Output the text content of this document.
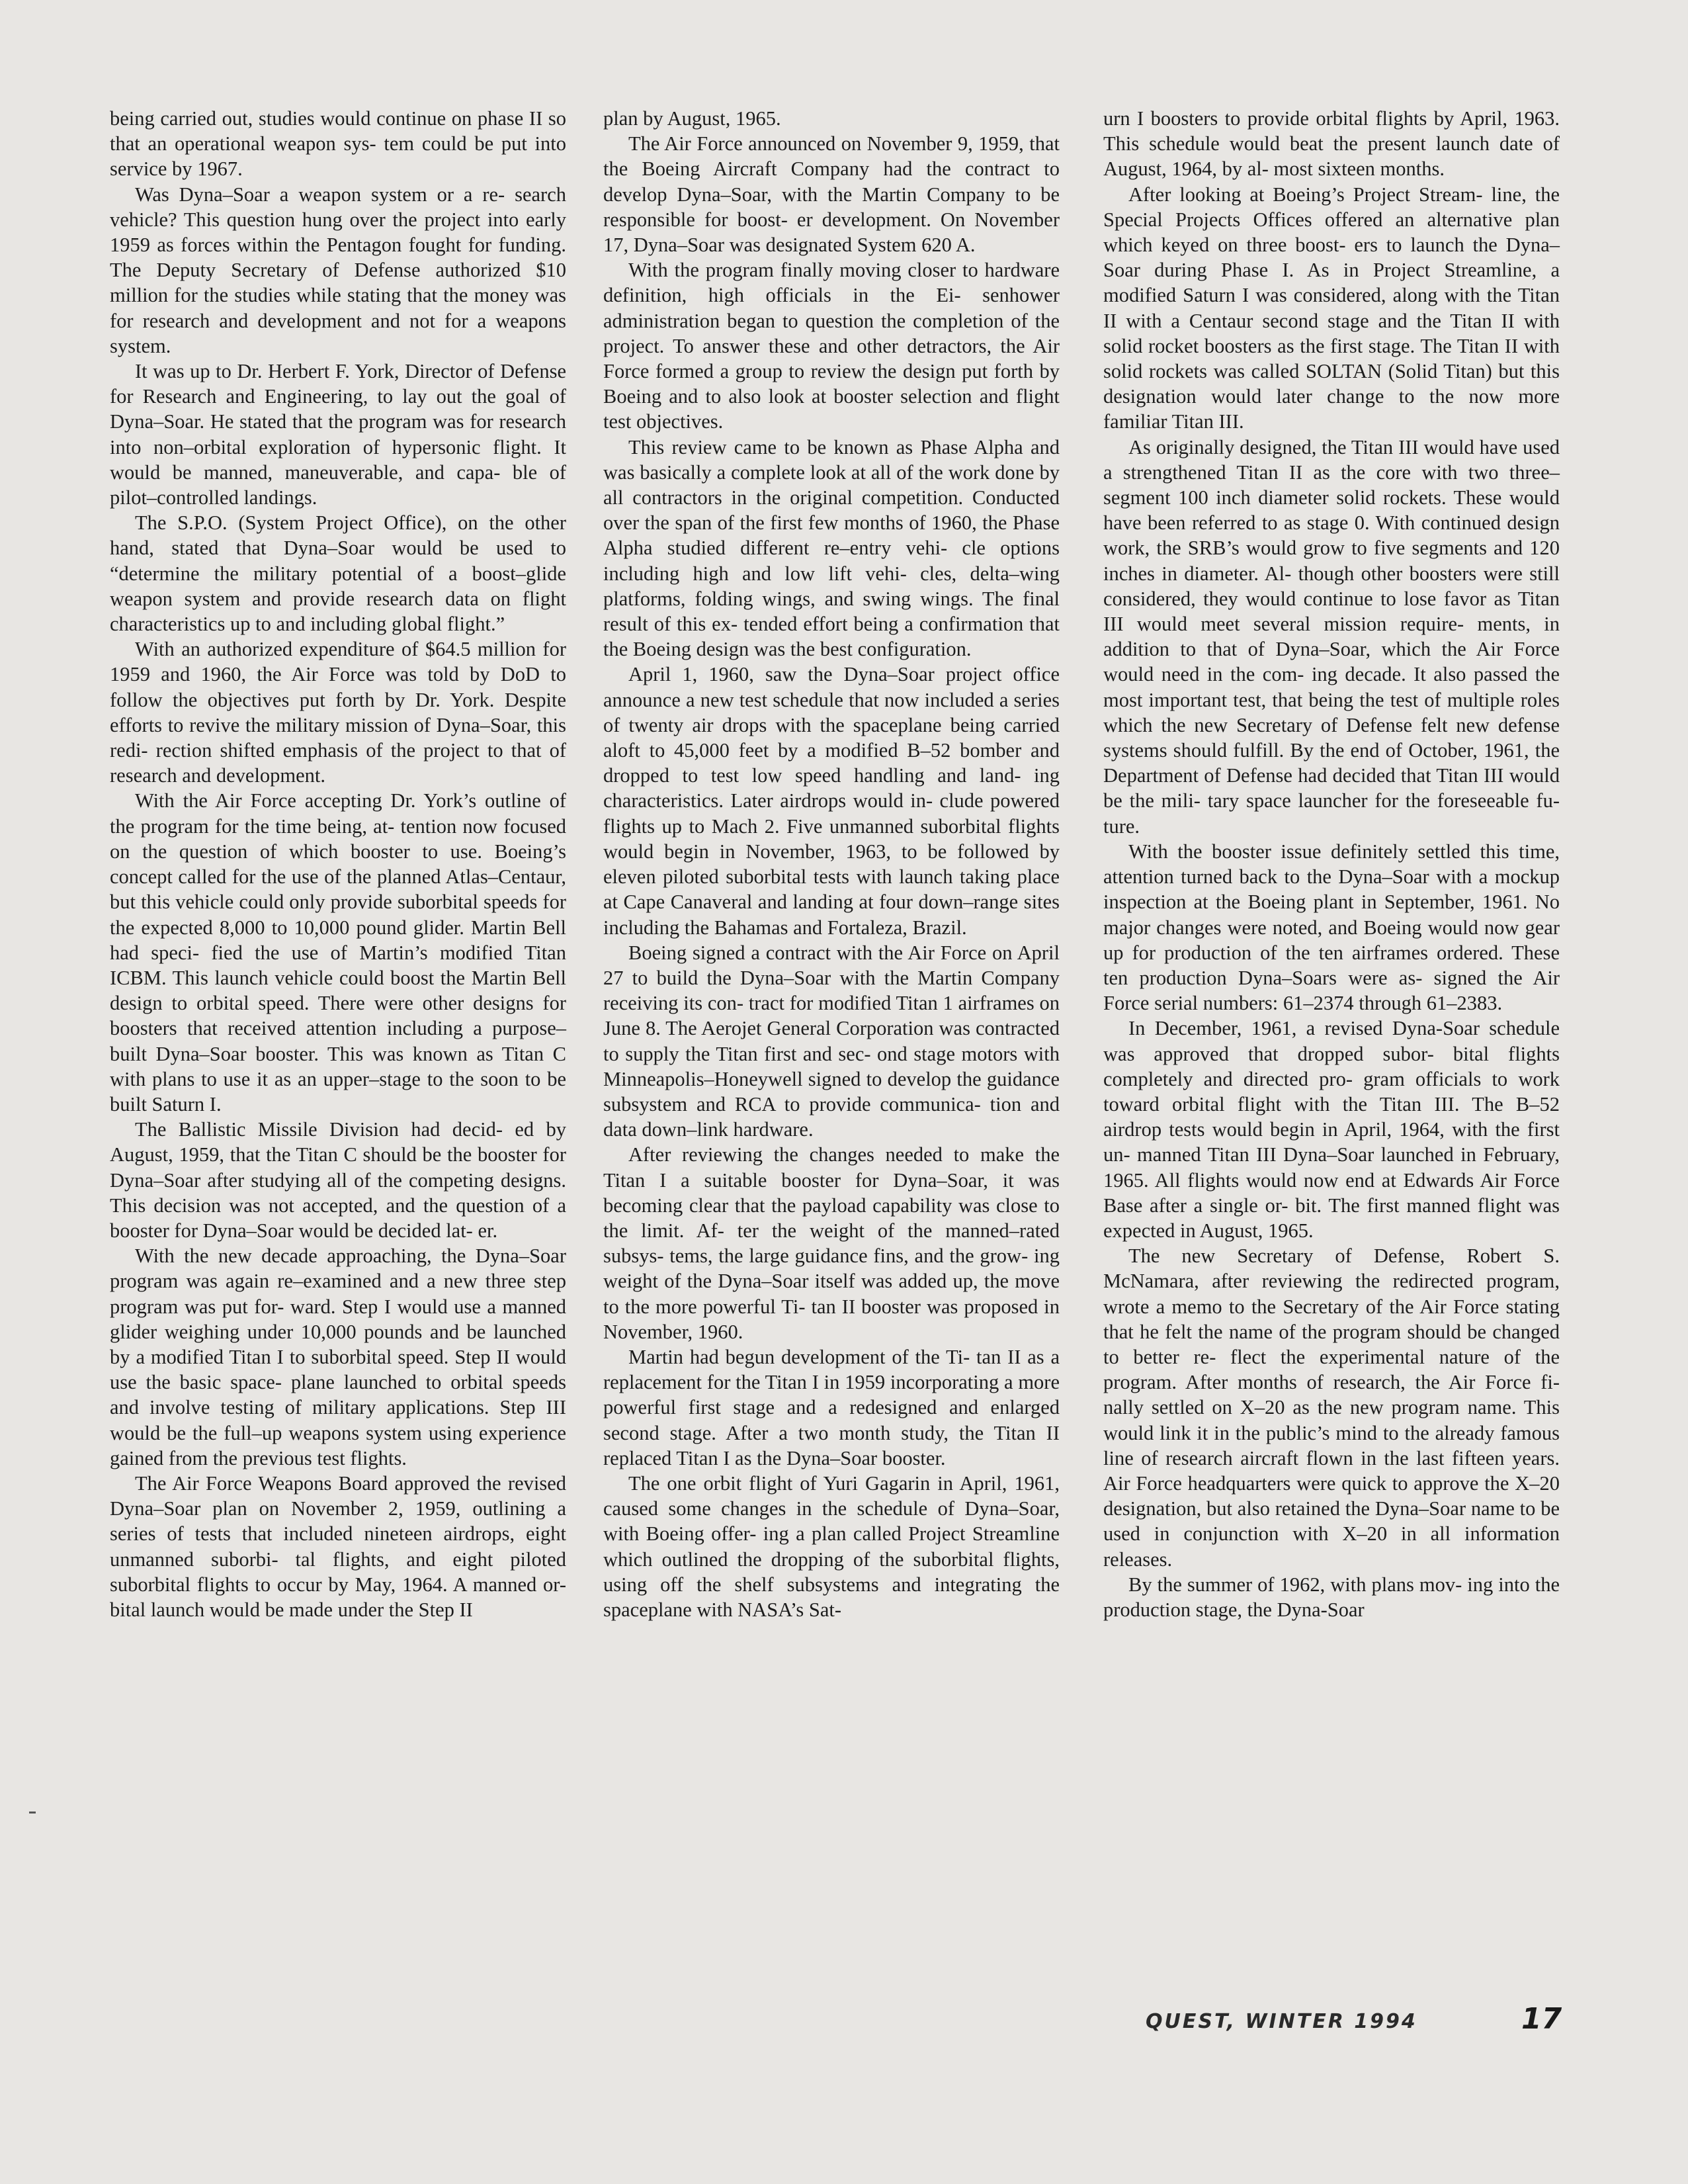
being carried out, studies would continue on phase II so that an operational weapon sys- tem could be put into service by 1967.

Was Dyna–Soar a weapon system or a re- search vehicle? This question hung over the project into early 1959 as forces within the Pentagon fought for funding. The Deputy Secretary of Defense authorized $10 million for the studies while stating that the money was for research and development and not for a weapons system.

It was up to Dr. Herbert F. York, Director of Defense for Research and Engineering, to lay out the goal of Dyna–Soar. He stated that the program was for research into non–orbital exploration of hypersonic flight. It would be manned, maneuverable, and capa- ble of pilot–controlled landings.

The S.P.O. (System Project Office), on the other hand, stated that Dyna–Soar would be used to “determine the military potential of a boost–glide weapon system and provide research data on flight characteristics up to and including global flight.”

With an authorized expenditure of $64.5 million for 1959 and 1960, the Air Force was told by DoD to follow the objectives put forth by Dr. York. Despite efforts to revive the military mission of Dyna–Soar, this redi- rection shifted emphasis of the project to that of research and development.

With the Air Force accepting Dr. York’s outline of the program for the time being, at- tention now focused on the question of which booster to use. Boeing’s concept called for the use of the planned Atlas–Centaur, but this vehicle could only provide suborbital speeds for the expected 8,000 to 10,000 pound glider. Martin Bell had speci- fied the use of Martin’s modified Titan ICBM. This launch vehicle could boost the Martin Bell design to orbital speed. There were other designs for boosters that received attention including a purpose–built Dyna–Soar booster. This was known as Titan C with plans to use it as an upper–stage to the soon to be built Saturn I.

The Ballistic Missile Division had decid- ed by August, 1959, that the Titan C should be the booster for Dyna–Soar after studying all of the competing designs. This decision was not accepted, and the question of a booster for Dyna–Soar would be decided lat- er.

With the new decade approaching, the Dyna–Soar program was again re–examined and a new three step program was put for- ward. Step I would use a manned glider weighing under 10,000 pounds and be launched by a modified Titan I to suborbital speed. Step II would use the basic space- plane launched to orbital speeds and involve testing of military applications. Step III would be the full–up weapons system using experience gained from the previous test flights.

The Air Force Weapons Board approved the revised Dyna–Soar plan on November 2, 1959, outlining a series of tests that included nineteen airdrops, eight unmanned suborbi- tal flights, and eight piloted suborbital flights to occur by May, 1964. A manned or- bital launch would be made under the Step II

plan by August, 1965.

The Air Force announced on November 9, 1959, that the Boeing Aircraft Company had the contract to develop Dyna–Soar, with the Martin Company to be responsible for boost- er development. On November 17, Dyna–Soar was designated System 620 A.

With the program finally moving closer to hardware definition, high officials in the Ei- senhower administration began to question the completion of the project. To answer these and other detractors, the Air Force formed a group to review the design put forth by Boeing and to also look at booster selection and flight test objectives.

This review came to be known as Phase Alpha and was basically a complete look at all of the work done by all contractors in the original competition. Conducted over the span of the first few months of 1960, the Phase Alpha studied different re–entry vehi- cle options including high and low lift vehi- cles, delta–wing platforms, folding wings, and swing wings. The final result of this ex- tended effort being a confirmation that the Boeing design was the best configuration.

April 1, 1960, saw the Dyna–Soar project office announce a new test schedule that now included a series of twenty air drops with the spaceplane being carried aloft to 45,000 feet by a modified B–52 bomber and dropped to test low speed handling and land- ing characteristics. Later airdrops would in- clude powered flights up to Mach 2. Five unmanned suborbital flights would begin in November, 1963, to be followed by eleven piloted suborbital tests with launch taking place at Cape Canaveral and landing at four down–range sites including the Bahamas and Fortaleza, Brazil.

Boeing signed a contract with the Air Force on April 27 to build the Dyna–Soar with the Martin Company receiving its con- tract for modified Titan 1 airframes on June 8. The Aerojet General Corporation was contracted to supply the Titan first and sec- ond stage motors with Minneapolis–Honeywell signed to develop the guidance subsystem and RCA to provide communica- tion and data down–link hardware.

After reviewing the changes needed to make the Titan I a suitable booster for Dyna–Soar, it was becoming clear that the payload capability was close to the limit. Af- ter the weight of the manned–rated subsys- tems, the large guidance fins, and the grow- ing weight of the Dyna–Soar itself was added up, the move to the more powerful Ti- tan II booster was proposed in November, 1960.

Martin had begun development of the Ti- tan II as a replacement for the Titan I in 1959 incorporating a more powerful first stage and a redesigned and enlarged second stage. After a two month study, the Titan II replaced Titan I as the Dyna–Soar booster.

The one orbit flight of Yuri Gagarin in April, 1961, caused some changes in the schedule of Dyna–Soar, with Boeing offer- ing a plan called Project Streamline which outlined the dropping of the suborbital flights, using off the shelf subsystems and integrating the spaceplane with NASA’s Sat-

urn I boosters to provide orbital flights by April, 1963. This schedule would beat the present launch date of August, 1964, by al- most sixteen months.

After looking at Boeing’s Project Stream- line, the Special Projects Offices offered an alternative plan which keyed on three boost- ers to launch the Dyna–Soar during Phase I. As in Project Streamline, a modified Saturn I was considered, along with the Titan II with a Centaur second stage and the Titan II with solid rocket boosters as the first stage. The Titan II with solid rockets was called SOLTAN (Solid Titan) but this designation would later change to the now more familiar Titan III.

As originally designed, the Titan III would have used a strengthened Titan II as the core with two three–segment 100 inch diameter solid rockets. These would have been referred to as stage 0. With continued design work, the SRB’s would grow to five segments and 120 inches in diameter. Al- though other boosters were still considered, they would continue to lose favor as Titan III would meet several mission require- ments, in addition to that of Dyna–Soar, which the Air Force would need in the com- ing decade. It also passed the most important test, that being the test of multiple roles which the new Secretary of Defense felt new defense systems should fulfill. By the end of October, 1961, the Department of Defense had decided that Titan III would be the mili- tary space launcher for the foreseeable fu- ture.

With the booster issue definitely settled this time, attention turned back to the Dyna–Soar with a mockup inspection at the Boeing plant in September, 1961. No major changes were noted, and Boeing would now gear up for production of the ten airframes ordered. These ten production Dyna–Soars were as- signed the Air Force serial numbers: 61–2374 through 61–2383.

In December, 1961, a revised Dyna-Soar schedule was approved that dropped subor- bital flights completely and directed pro- gram officials to work toward orbital flight with the Titan III. The B–52 airdrop tests would begin in April, 1964, with the first un- manned Titan III Dyna–Soar launched in February, 1965. All flights would now end at Edwards Air Force Base after a single or- bit. The first manned flight was expected in August, 1965.

The new Secretary of Defense, Robert S. McNamara, after reviewing the redirected program, wrote a memo to the Secretary of the Air Force stating that he felt the name of the program should be changed to better re- flect the experimental nature of the program. After months of research, the Air Force fi- nally settled on X–20 as the new program name. This would link it in the public’s mind to the already famous line of research aircraft flown in the last fifteen years. Air Force headquarters were quick to approve the X–20 designation, but also retained the Dyna–Soar name to be used in conjunction with X–20 in all information releases.

By the summer of 1962, with plans mov- ing into the production stage, the Dyna-Soar

QUEST, WINTER 1994	17
